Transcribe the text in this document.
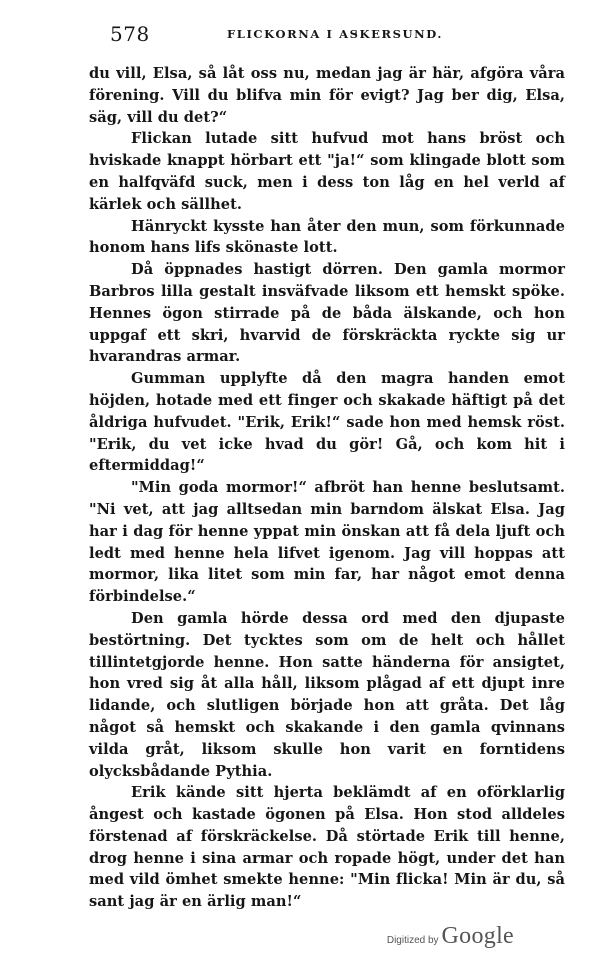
578	FLICKORNA I ASKERSUND.

du vill, Elsa, så låt oss nu, medan jag är här, afgöra våra förening. Vill du blifva min för evigt? Jag ber dig, Elsa, säg, vill du det?“

Flickan lutade sitt hufvud mot hans bröst och hviskade knappt hörbart ett "ja!“ som klingade blott som en halfqväfd suck, men i dess ton låg en hel verld af kärlek och sällhet.

Hänryckt kysste han åter den mun, som förkunnade honom hans lifs skönaste lott.

Då öppnades hastigt dörren. Den gamla mormor Barbros lilla gestalt insväfvade liksom ett hemskt spöke. Hennes ögon stirrade på de båda älskande, och hon uppgaf ett skri, hvarvid de förskräckta ryckte sig ur hvarandras armar.

Gumman upplyfte då den magra handen emot höjden, hotade med ett finger och skakade häftigt på det åldriga hufvudet. "Erik, Erik!“ sade hon med hemsk röst. "Erik, du vet icke hvad du gör! Gå, och kom hit i eftermiddag!“

"Min goda mormor!“ afbröt han henne beslutsamt. "Ni vet, att jag alltsedan min barndom älskat Elsa. Jag har i dag för henne yppat min önskan att få dela ljuft och ledt med henne hela lifvet igenom. Jag vill hoppas att mormor, lika litet som min far, har något emot denna förbindelse.“

Den gamla hörde dessa ord med den djupaste bestörtning. Det tycktes som om de helt och hållet tillintetgjorde henne. Hon satte händerna för ansigtet, hon vred sig åt alla håll, liksom plågad af ett djupt inre lidande, och slutligen började hon att gråta. Det låg något så hemskt och skakande i den gamla qvinnans vilda gråt, liksom skulle hon varit en forntidens olycksbådande Pythia.

Erik kände sitt hjerta beklämdt af en oförklarlig ångest och kastade ögonen på Elsa. Hon stod alldeles förstenad af förskräckelse. Då störtade Erik till henne, drog henne i sina armar och ropade högt, under det han med vild ömhet smekte henne: "Min flicka! Min är du, så sant jag är en ärlig man!“

Digitized by Google
